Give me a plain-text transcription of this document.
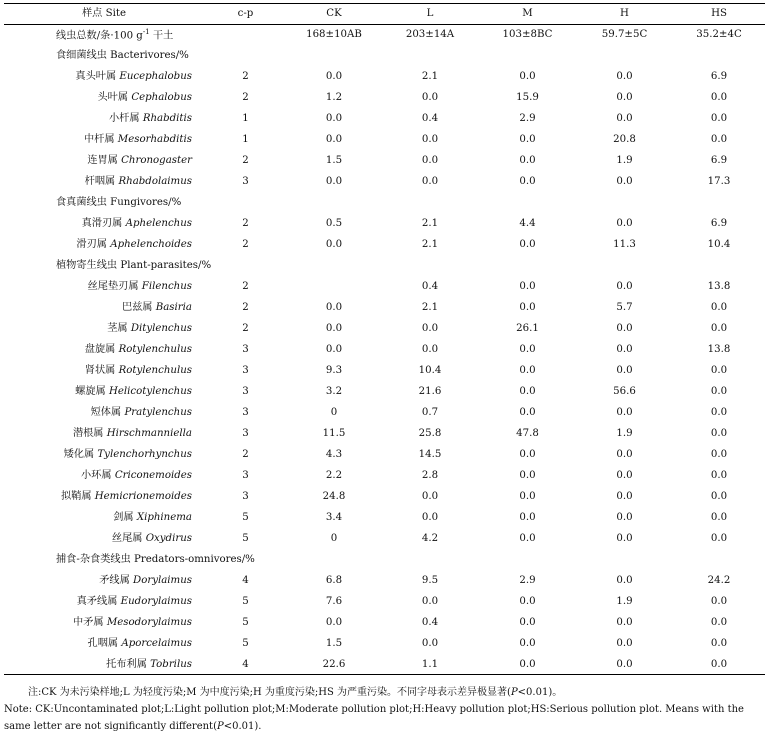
样点 Site	c-p	CK	L	M	H	HS
线虫总数/条·100 $g^{-1}$ 干土		168±10AB	203±14A	103±8BC	59.7±5C	35.2±4C
食细菌线虫 Bacterivores/%						
真头叶属 Eucephalobus	2	0.0	2.1	0.0	0.0	6.9
头叶属 Cephalobus	2	1.2	0.0	15.9	0.0	0.0
小杆属 Rhabditis	1	0.0	0.4	2.9	0.0	0.0
中杆属 Mesorhabditis	1	0.0	0.0	0.0	20.8	0.0
连胃属 Chronogaster	2	1.5	0.0	0.0	1.9	6.9
杆咽属 Rhabdolaimus	3	0.0	0.0	0.0	0.0	17.3
食真菌线虫 Fungivores/%						
真滑刃属 Aphelenchus	2	0.5	2.1	4.4	0.0	6.9
滑刃属 Aphelenchoides	2	0.0	2.1	0.0	11.3	10.4
植物寄生线虫 Plant-parasites/%						
丝尾垫刃属 Filenchus	2		0.4	0.0	0.0	13.8
巴兹属 Basiria	2	0.0	2.1	0.0	5.7	0.0
茎属 Ditylenchus	2	0.0	0.0	26.1	0.0	0.0
盘旋属 Rotylenchulus	3	0.0	0.0	0.0	0.0	13.8
肾状属 Rotylenchulus	3	9.3	10.4	0.0	0.0	0.0
螺旋属 Helicotylenchus	3	3.2	21.6	0.0	56.6	0.0
短体属 Pratylenchus	3	0	0.7	0.0	0.0	0.0
潜根属 Hirschmanniella	3	11.5	25.8	47.8	1.9	0.0
矮化属 Tylenchorhynchus	2	4.3	14.5	0.0	0.0	0.0
小环属 Criconemoides	3	2.2	2.8	0.0	0.0	0.0
拟鞘属 Hemicrionemoides	3	24.8	0.0	0.0	0.0	0.0
剑属 Xiphinema	5	3.4	0.0	0.0	0.0	0.0
丝尾属 Oxydirus	5	0	4.2	0.0	0.0	0.0
捕食-杂食类线虫 Predators-omnivores/%						
矛线属 Dorylaimus	4	6.8	9.5	2.9	0.0	24.2
真矛线属 Eudorylaimus	5	7.6	0.0	0.0	1.9	0.0
中矛属 Mesodorylaimus	5	0.0	0.4	0.0	0.0	0.0
孔咽属 Aporcelaimus	5	1.5	0.0	0.0	0.0	0.0
托布利属 Tobrilus	4	22.6	1.1	0.0	0.0	0.0
注:CK 为未污染样地;L 为轻度污染;M 为中度污染;H 为重度污染;HS 为严重污染。不同字母表示差异极显著(P<0.01)。
Note: CK:Uncontaminated plot;L:Light pollution plot;M:Moderate pollution plot;H:Heavy pollution plot;HS:Serious pollution plot. Means with the
same letter are not significantly different(P<0.01).
